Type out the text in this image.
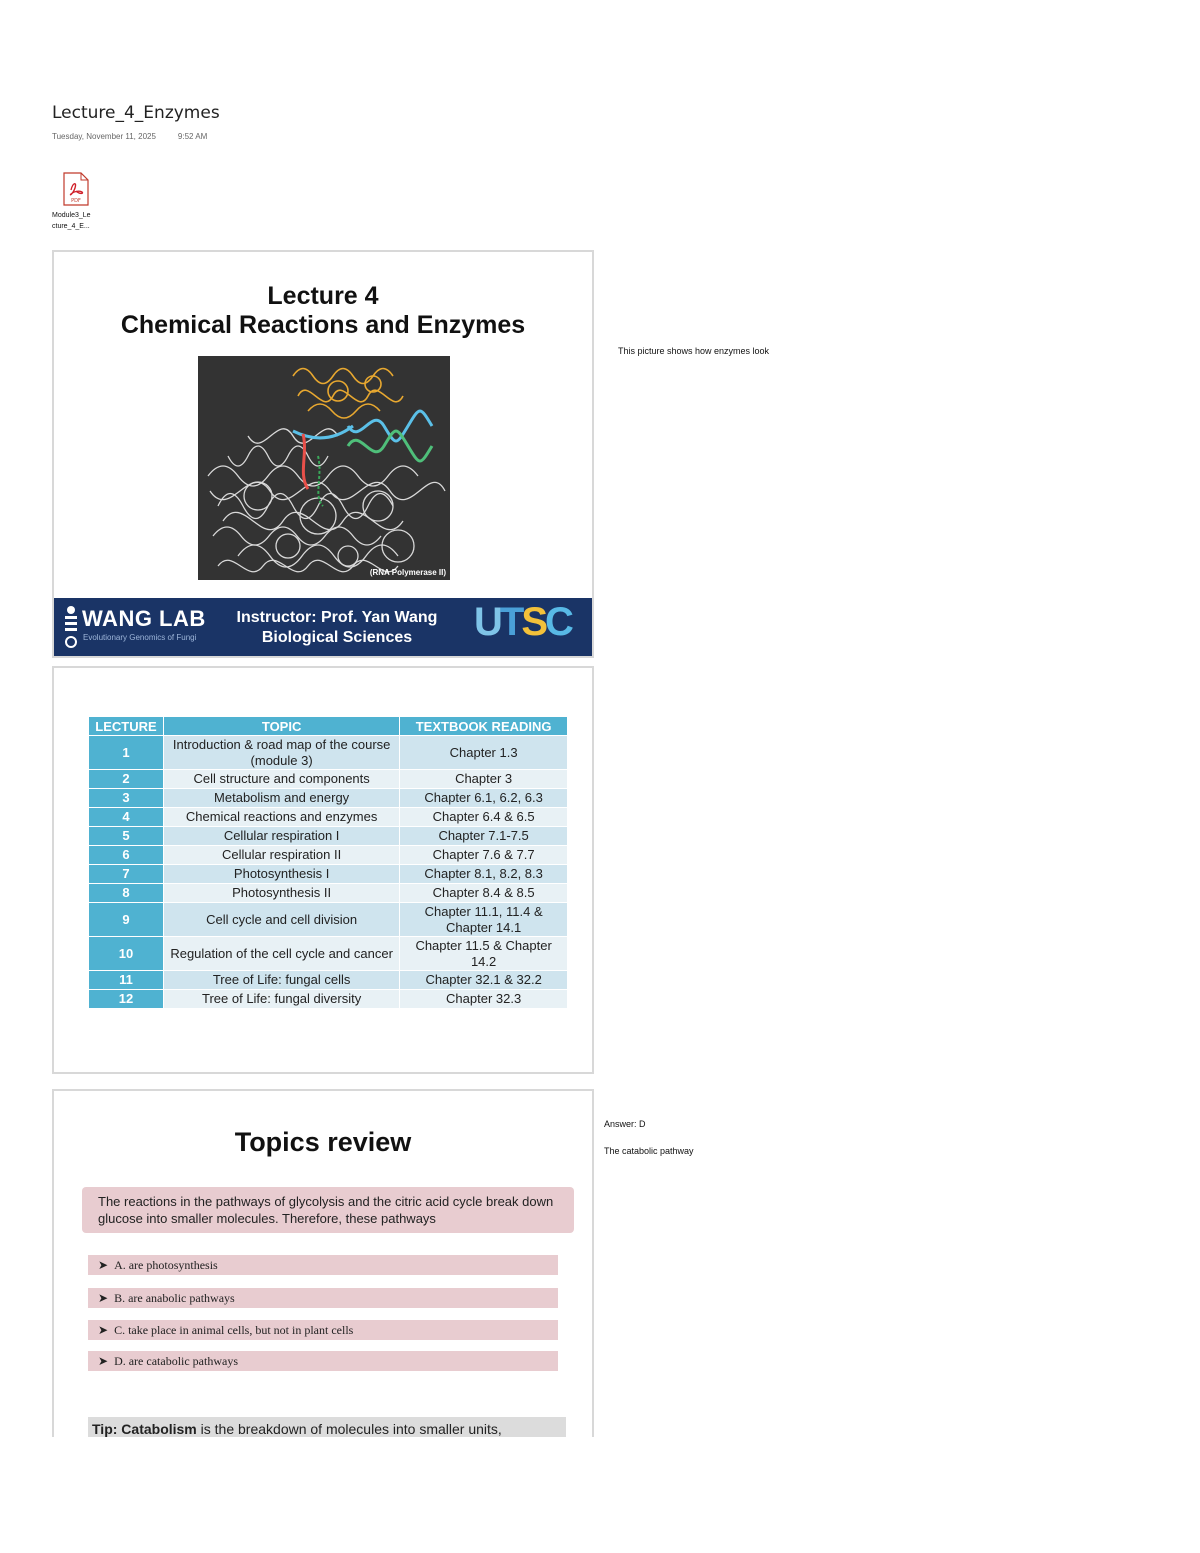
Lecture_4_Enzymes
Tuesday, November 11, 2025	9:52 AM
PDF
Module3_Le
cture_4_E...
Lecture 4
Chemical Reactions and Enzymes
(RNA Polymerase II)
WANG LAB
Evolutionary Genomics of Fungi
Instructor: Prof. Yan Wang
Biological Sciences	UTSC
This picture shows how enzymes look
LECTURE	TOPIC	TEXTBOOK READING
1	Introduction & road map of the course (module 3)	Chapter 1.3
2	Cell structure and components	Chapter 3
3	Metabolism and energy	Chapter 6.1, 6.2, 6.3
4	Chemical reactions and enzymes	Chapter 6.4 & 6.5
5	Cellular respiration I	Chapter 7.1-7.5
6	Cellular respiration II	Chapter 7.6 & 7.7
7	Photosynthesis I	Chapter 8.1, 8.2, 8.3
8	Photosynthesis II	Chapter 8.4 & 8.5
9	Cell cycle and cell division	Chapter 11.1, 11.4 & Chapter 14.1
10	Regulation of the cell cycle and cancer	Chapter 11.5 & Chapter 14.2
11	Tree of Life: fungal cells	Chapter 32.1 & 32.2
12	Tree of Life: fungal diversity	Chapter 32.3
Topics review
The reactions in the pathways of glycolysis and the citric acid cycle break down glucose into smaller molecules. Therefore, these pathways
➤ A. are photosynthesis
➤ B. are anabolic pathways
➤ C. take place in animal cells, but not in plant cells
➤ D. are catabolic pathways
Tip: Catabolism is the breakdown of molecules into smaller units,
Answer: D
The catabolic pathway
